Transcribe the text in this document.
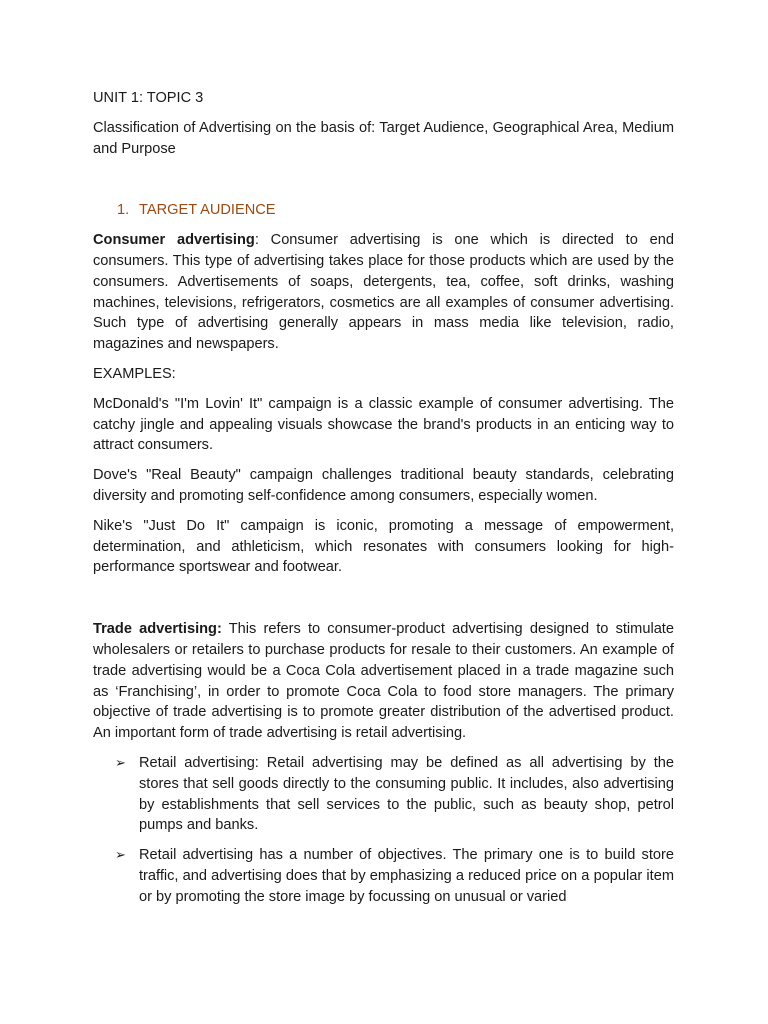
UNIT 1: TOPIC 3

Classification of Advertising on the basis of: Target Audience, Geographical Area, Medium and Purpose

1. TARGET AUDIENCE

Consumer advertising: Consumer advertising is one which is directed to end consumers. This type of advertising takes place for those products which are used by the consumers. Advertisements of soaps, detergents, tea, coffee, soft drinks, washing machines, televisions, refrigerators, cosmetics are all examples of consumer advertising. Such type of advertising generally appears in mass media like television, radio, magazines and newspapers.

EXAMPLES:

McDonald's "I'm Lovin' It" campaign is a classic example of consumer advertising. The catchy jingle and appealing visuals showcase the brand's products in an enticing way to attract consumers.

Dove's "Real Beauty" campaign challenges traditional beauty standards, celebrating diversity and promoting self-confidence among consumers, especially women.

Nike's "Just Do It" campaign is iconic, promoting a message of empowerment, determination, and athleticism, which resonates with consumers looking for high-performance sportswear and footwear.

Trade advertising: This refers to consumer-product advertising designed to stimulate wholesalers or retailers to purchase products for resale to their customers. An example of trade advertising would be a Coca Cola advertisement placed in a trade magazine such as ‘Franchising’, in order to promote Coca Cola to food store managers. The primary objective of trade advertising is to promote greater distribution of the advertised product. An important form of trade advertising is retail advertising.

➢ Retail advertising: Retail advertising may be defined as all advertising by the stores that sell goods directly to the consuming public. It includes, also advertising by establishments that sell services to the public, such as beauty shop, petrol pumps and banks.

➢ Retail advertising has a number of objectives. The primary one is to build store traffic, and advertising does that by emphasizing a reduced price on a popular item or by promoting the store image by focussing on unusual or varied
